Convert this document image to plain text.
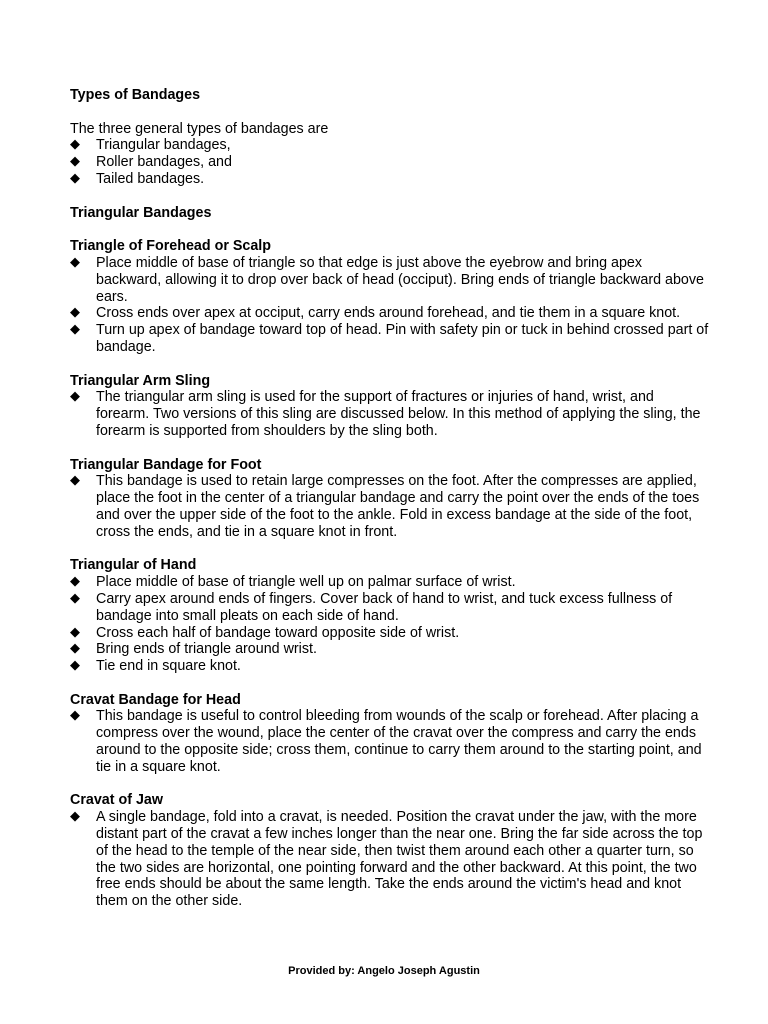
Types of Bandages

The three general types of bandages are

◆ Triangular bandages,
◆ Roller bandages, and
◆ Tailed bandages.
Triangular Bandages
Triangle of Forehead or Scalp
◆ Place middle of base of triangle so that edge is just above the eyebrow and bring apex backward, allowing it to drop over back of head (occiput). Bring ends of triangle backward above ears.
◆ Cross ends over apex at occiput, carry ends around forehead, and tie them in a square knot.
◆ Turn up apex of bandage toward top of head. Pin with safety pin or tuck in behind crossed part of bandage.
Triangular Arm Sling
◆ The triangular arm sling is used for the support of fractures or injuries of hand, wrist, and forearm. Two versions of this sling are discussed below. In this method of applying the sling, the forearm is supported from shoulders by the sling both.
Triangular Bandage for Foot
◆ This bandage is used to retain large compresses on the foot. After the compresses are applied, place the foot in the center of a triangular bandage and carry the point over the ends of the toes and over the upper side of the foot to the ankle. Fold in excess bandage at the side of the foot, cross the ends, and tie in a square knot in front.
Triangular of Hand
◆ Place middle of base of triangle well up on palmar surface of wrist.
◆ Carry apex around ends of fingers. Cover back of hand to wrist, and tuck excess fullness of bandage into small pleats on each side of hand.
◆ Cross each half of bandage toward opposite side of wrist.
◆ Bring ends of triangle around wrist.
◆ Tie end in square knot.
Cravat Bandage for Head
◆ This bandage is useful to control bleeding from wounds of the scalp or forehead. After placing a compress over the wound, place the center of the cravat over the compress and carry the ends around to the opposite side; cross them, continue to carry them around to the starting point, and tie in a square knot.
Cravat of Jaw
◆ A single bandage, fold into a cravat, is needed. Position the cravat under the jaw, with the more distant part of the cravat a few inches longer than the near one. Bring the far side across the top of the head to the temple of the near side, then twist them around each other a quarter turn, so the two sides are horizontal, one pointing forward and the other backward. At this point, the two free ends should be about the same length. Take the ends around the victim's head and knot them on the other side.
Provided by: Angelo Joseph Agustin
